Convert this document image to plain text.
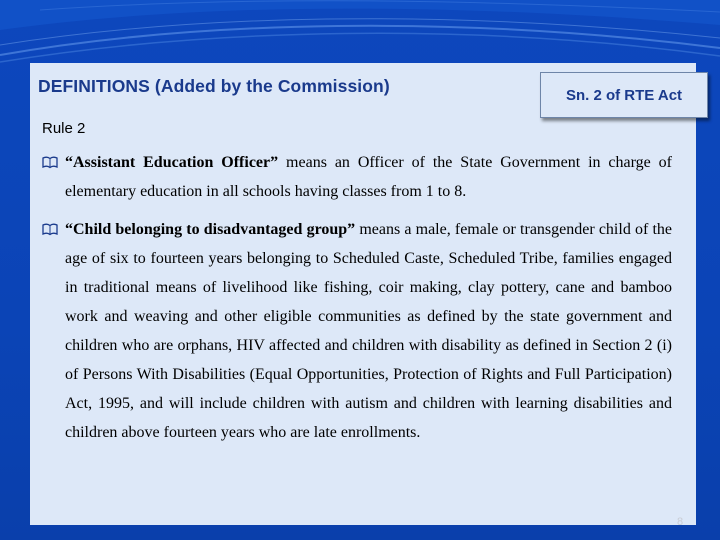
DEFINITIONS (Added by the Commission)	Sn. 2 of RTE Act
Rule 2
“Assistant Education Officer” means an Officer of the State Government in charge of elementary education in all schools having classes from 1 to 8.
“Child belonging to disadvantaged group” means a male, female or transgender child of the age of six to fourteen years belonging to Scheduled Caste, Scheduled Tribe, families engaged in traditional means of livelihood like fishing, coir making, clay pottery, cane and bamboo work and weaving and other eligible communities as defined by the state government and children who are orphans, HIV affected and children with disability as defined in Section 2 (i) of Persons With Disabilities (Equal Opportunities, Protection of Rights and Full Participation) Act, 1995, and will include children with autism and children with learning disabilities and children above fourteen years who are late enrollments.
8
